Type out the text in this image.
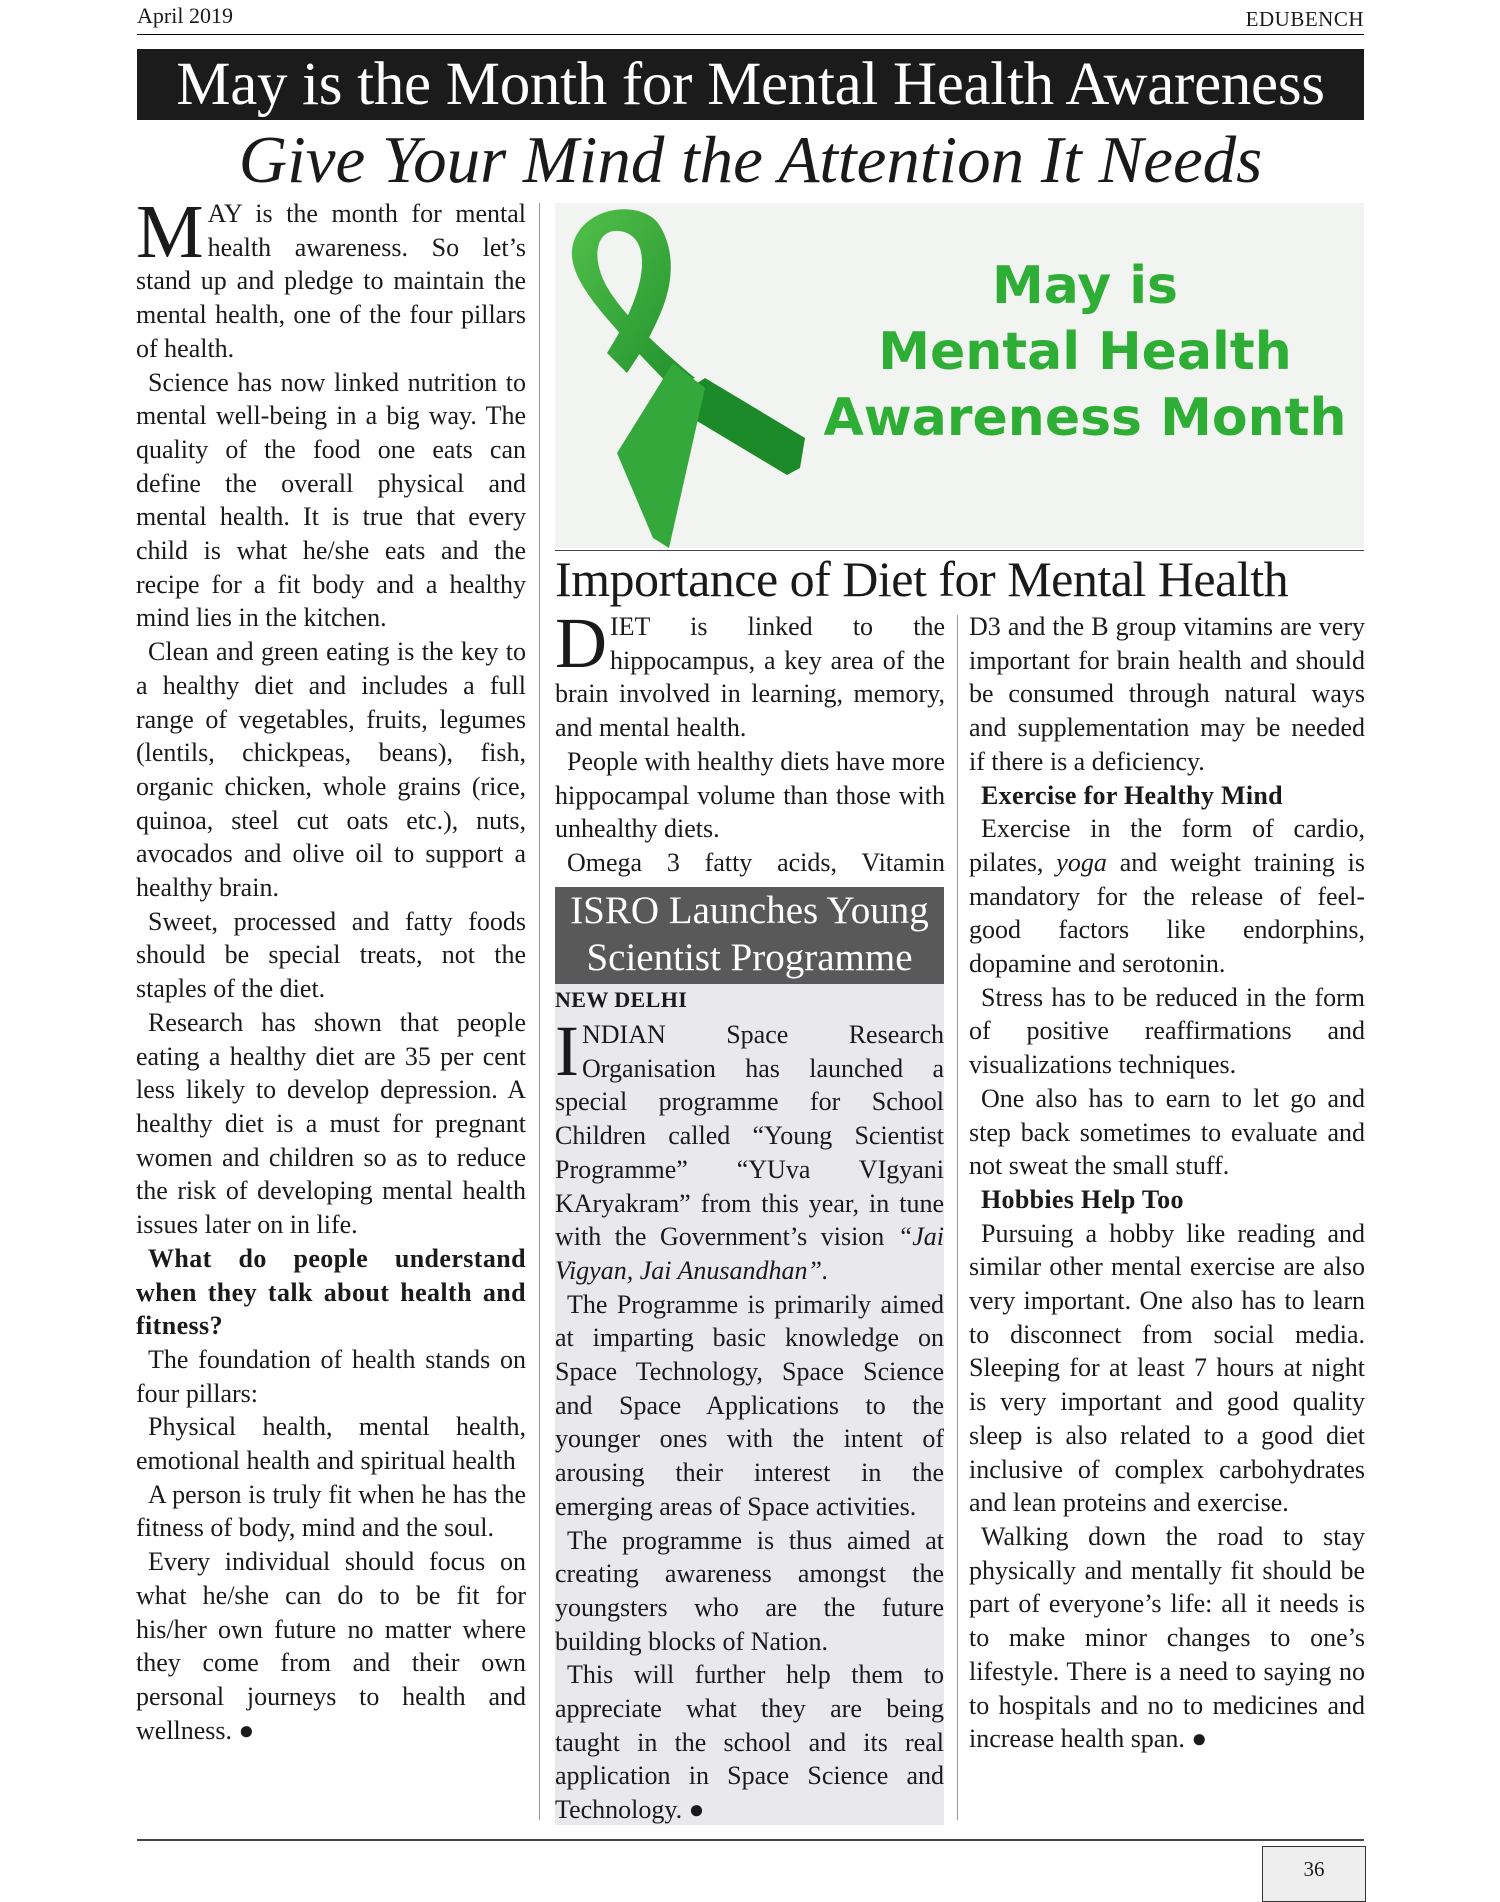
April 2019	EDUBENCH
May is the Month for Mental Health Awareness
Give Your Mind the Attention It Needs

MAY is the month for mental health awareness. So let’s stand up and pledge to maintain the mental health, one of the four pillars of health.

Science has now linked nutrition to mental well-being in a big way. The quality of the food one eats can define the overall physical and mental health. It is true that every child is what he/she eats and the recipe for a fit body and a healthy mind lies in the kitchen.

Clean and green eating is the key to a healthy diet and includes a full range of vegetables, fruits, legumes (lentils, chickpeas, beans), fish, organic chicken, whole grains (rice, quinoa, steel cut oats etc.), nuts, avocados and olive oil to support a healthy brain.

Sweet, processed and fatty foods should be special treats, not the staples of the diet.

Research has shown that people eating a healthy diet are 35 per cent less likely to develop depression. A healthy diet is a must for pregnant women and children so as to reduce the risk of developing mental health issues later on in life.

What do people understand when they talk about health and fitness?

The foundation of health stands on four pillars:

Physical health, mental health, emotional health and spiritual health

A person is truly fit when he has the fitness of body, mind and the soul.

Every individual should focus on what he/she can do to be fit for his/her own future no matter where they come from and their own personal journeys to health and wellness. ●

May is
Mental Health
Awareness Month
Importance of Diet for Mental Health

DIET is linked to the hippocampus, a key area of the brain involved in learning, memory, and mental health.

People with healthy diets have more hippocampal volume than those with unhealthy diets.

Omega 3 fatty acids, Vitamin

D3 and the B group vitamins are very important for brain health and should be consumed through natural ways and supplementation may be needed if there is a deficiency.

Exercise for Healthy Mind

Exercise in the form of cardio, pilates, yoga and weight training is mandatory for the release of feel-good factors like endorphins, dopamine and serotonin.

Stress has to be reduced in the form of positive reaffirmations and visualizations techniques.

One also has to earn to let go and step back sometimes to evaluate and not sweat the small stuff.

Hobbies Help Too

Pursuing a hobby like reading and similar other mental exercise are also very important. One also has to learn to disconnect from social media. Sleeping for at least 7 hours at night is very important and good quality sleep is also related to a good diet inclusive of complex carbohydrates and lean proteins and exercise.

Walking down the road to stay physically and mentally fit should be part of everyone’s life: all it needs is to make minor changes to one’s lifestyle. There is a need to saying no to hospitals and no to medicines and increase health span. ●

ISRO Launches Young
Scientist Programme
NEW DELHI

INDIAN Space Research Organisation has launched a special programme for School Children called “Young Scientist Programme” “YUva VIgyani KAryakram” from this year, in tune with the Government’s vision “Jai Vigyan, Jai Anusandhan”.

The Programme is primarily aimed at imparting basic knowledge on Space Technology, Space Science and Space Applications to the younger ones with the intent of arousing their interest in the emerging areas of Space activities.

The programme is thus aimed at creating awareness amongst the youngsters who are the future building blocks of Nation.

This will further help them to appreciate what they are being taught in the school and its real application in Space Science and Technology. ●

36
